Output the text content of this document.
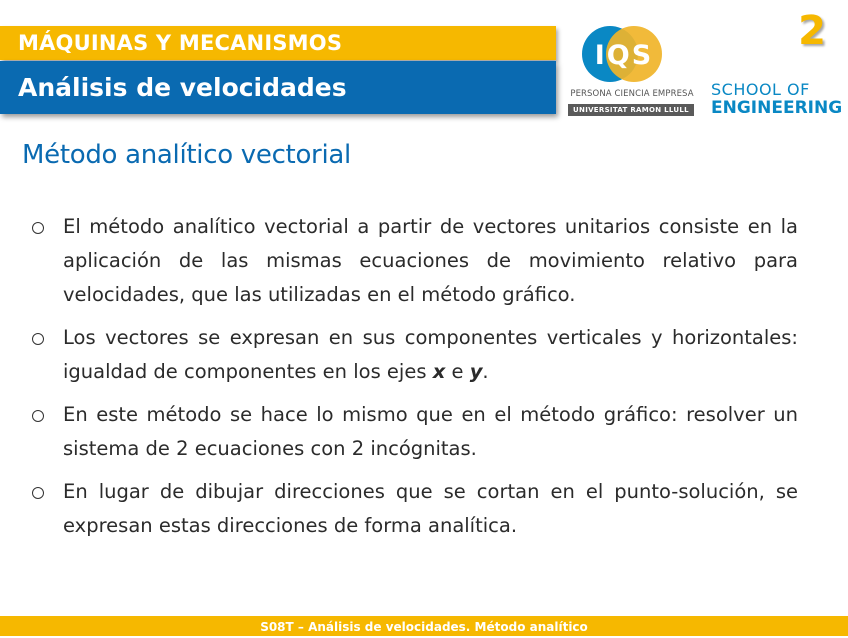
MÁQUINAS Y MECANISMOS
Análisis de velocidades
IQS
PERSONA CIENCIA EMPRESA
UNIVERSITAT RAMON LLULL
SCHOOL OF
ENGINEERING
2
Método analítico vectorial
El método analítico vectorial a partir de vectores unitarios consiste en la aplicación de las mismas ecuaciones de movimiento relativo para velocidades, que las utilizadas en el método gráfico.
Los vectores se expresan en sus componentes verticales y horizontales: igualdad de componentes en los ejes x e y.
En este método se hace lo mismo que en el método gráfico: resolver un sistema de 2 ecuaciones con 2 incógnitas.
En lugar de dibujar direcciones que se cortan en el punto-solución, se expresan estas direcciones de forma analítica.
S08T – Análisis de velocidades. Método analítico
